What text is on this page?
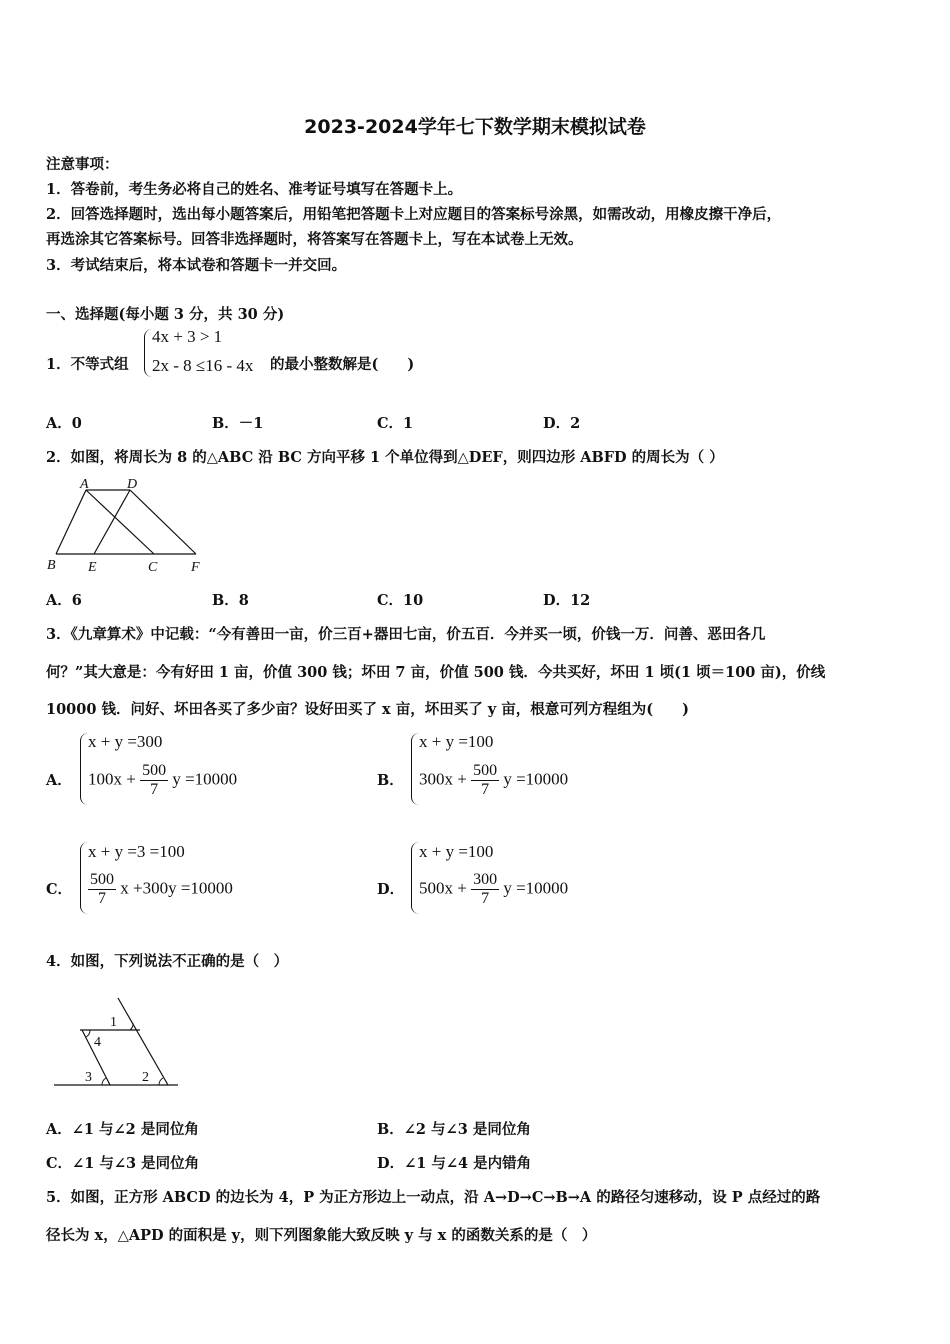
2023-2024学年七下数学期末模拟试卷
注意事项：
1．答卷前，考生务必将自己的姓名、准考证号填写在答题卡上。
2．回答选择题时，选出每小题答案后，用铅笔把答题卡上对应题目的答案标号涂黑，如需改动，用橡皮擦干净后，
再选涂其它答案标号。回答非选择题时，将答案写在答题卡上，写在本试卷上无效。
3．考试结束后，将本试卷和答题卡一并交回。
一、选择题(每小题 3 分，共 30 分)
1．不等式组
4x + 3 > 1
2x - 8 ≤16 - 4x 的最小整数解是(　　)
A．0	B．－1	C．1	D．2
2．如图，将周长为 8 的△ABC 沿 BC 方向平移 1 个单位得到△DEF，则四边形 ABFD 的周长为（ ）
A	D
B E	C F
A．6	B．8	C．10	D．12
3．《九章算术》中记载：“今有善田一亩，价三百+器田七亩，价五百．今并买一顷，价钱一万．问善、恶田各几
何？”其大意是：今有好田 1 亩，价值 300 钱；坏田 7 亩，价值 500 钱．今共买好，坏田 1 顷(1 顷＝100 亩)，价线
10000 钱．问好、坏田各买了多少亩？设好田买了 x 亩，坏田买了 y 亩，根意可列方程组为(　　)
A．
x + y =300
$100x + \frac{500}{7}$ y =10000	B．
x + y =100
$300x + \frac{500}{7}$ y =10000
C．
x + y =3 =100
$\frac{500}{7}$ x +300y =10000	D．
x + y =100
$500x + \frac{300}{7}$ y =10000
4．如图，下列说法不正确的是（　）
1
4
3	2
A．∠1 与∠2 是同位角	B．∠2 与∠3 是同位角
C．∠1 与∠3 是同位角	D．∠1 与∠4 是内错角
5．如图，正方形 ABCD 的边长为 4，P 为正方形边上一动点，沿 A→D→C→B→A 的路径匀速移动，设 P 点经过的路
径长为 x，△APD 的面积是 y，则下列图象能大致反映 y 与 x 的函数关系的是（　）
